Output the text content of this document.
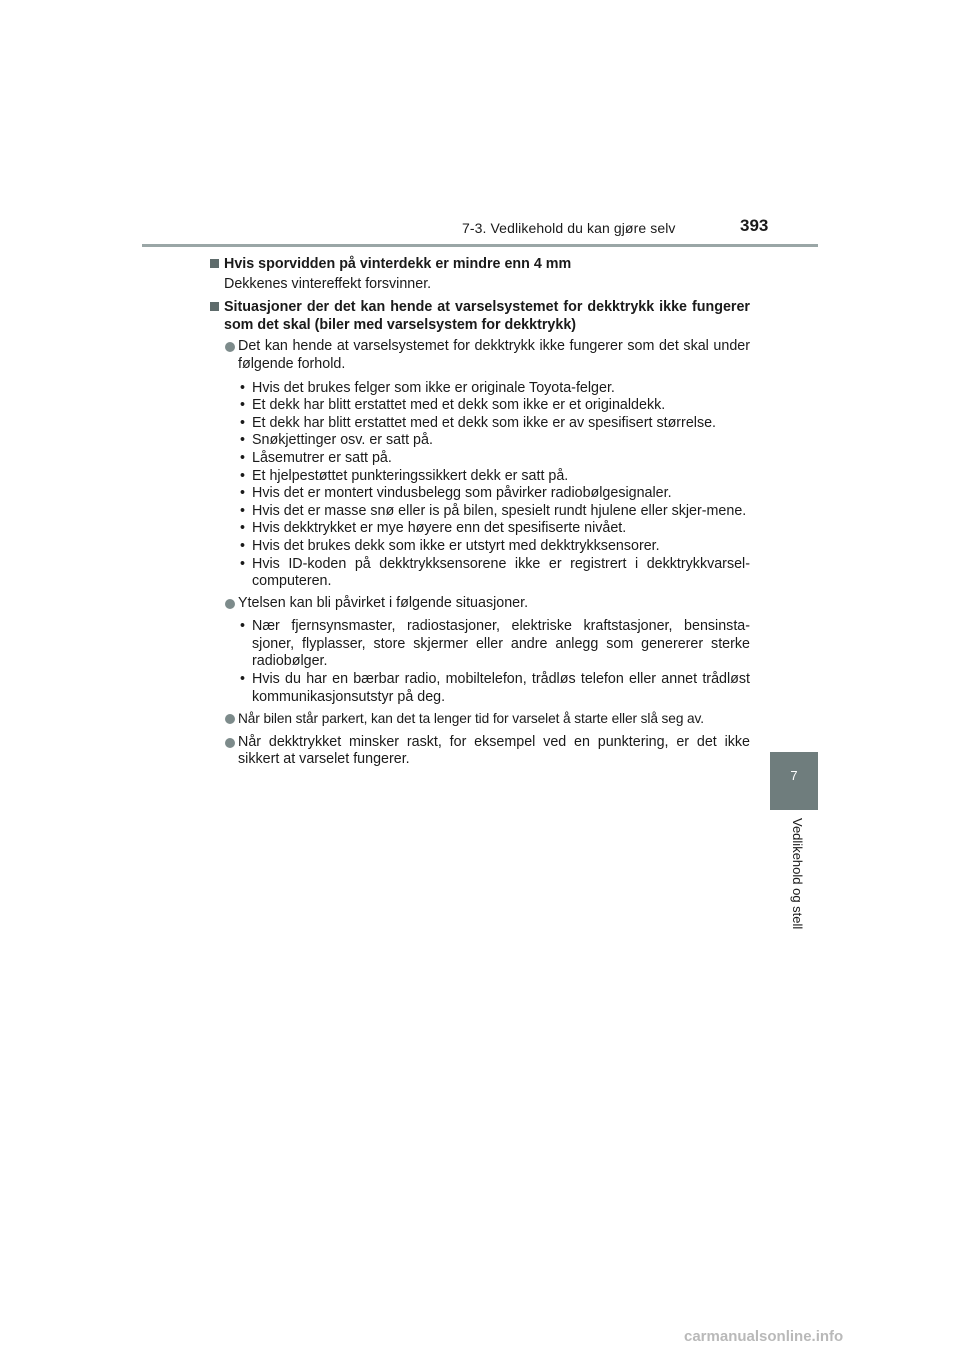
7-3. Vedlikehold du kan gjøre selv	393
7
Vedlikehold og stell
Hvis sporvidden på vinterdekk er mindre enn 4 mm
Dekkenes vintereffekt forsvinner.
Situasjoner der det kan hende at varselsystemet for dekktrykk ikke fungerer som det skal (biler med varselsystem for dekktrykk)
Det kan hende at varselsystemet for dekktrykk ikke fungerer som det skal under følgende forhold.
• Hvis det brukes felger som ikke er originale Toyota-felger.
• Et dekk har blitt erstattet med et dekk som ikke er et originaldekk.
• Et dekk har blitt erstattet med et dekk som ikke er av spesifisert størrelse.
• Snøkjettinger osv. er satt på.
• Låsemutrer er satt på.
• Et hjelpestøttet punkteringssikkert dekk er satt på.
• Hvis det er montert vindusbelegg som påvirker radiobølgesignaler.
• Hvis det er masse snø eller is på bilen, spesielt rundt hjulene eller skjer-mene.
• Hvis dekktrykket er mye høyere enn det spesifiserte nivået.
• Hvis det brukes dekk som ikke er utstyrt med dekktrykksensorer.
• Hvis ID-koden på dekktrykksensorene ikke er registrert i dekktrykkvarsel-computeren.
Ytelsen kan bli påvirket i følgende situasjoner.
• Nær fjernsynsmaster, radiostasjoner, elektriske kraftstasjoner, bensinsta-sjoner, flyplasser, store skjermer eller andre anlegg som genererer sterke radiobølger.
• Hvis du har en bærbar radio, mobiltelefon, trådløs telefon eller annet trådløst kommunikasjonsutstyr på deg.
Når bilen står parkert, kan det ta lenger tid for varselet å starte eller slå seg av.
Når dekktrykket minsker raskt, for eksempel ved en punktering, er det ikke sikkert at varselet fungerer.
carmanualsonline.info
